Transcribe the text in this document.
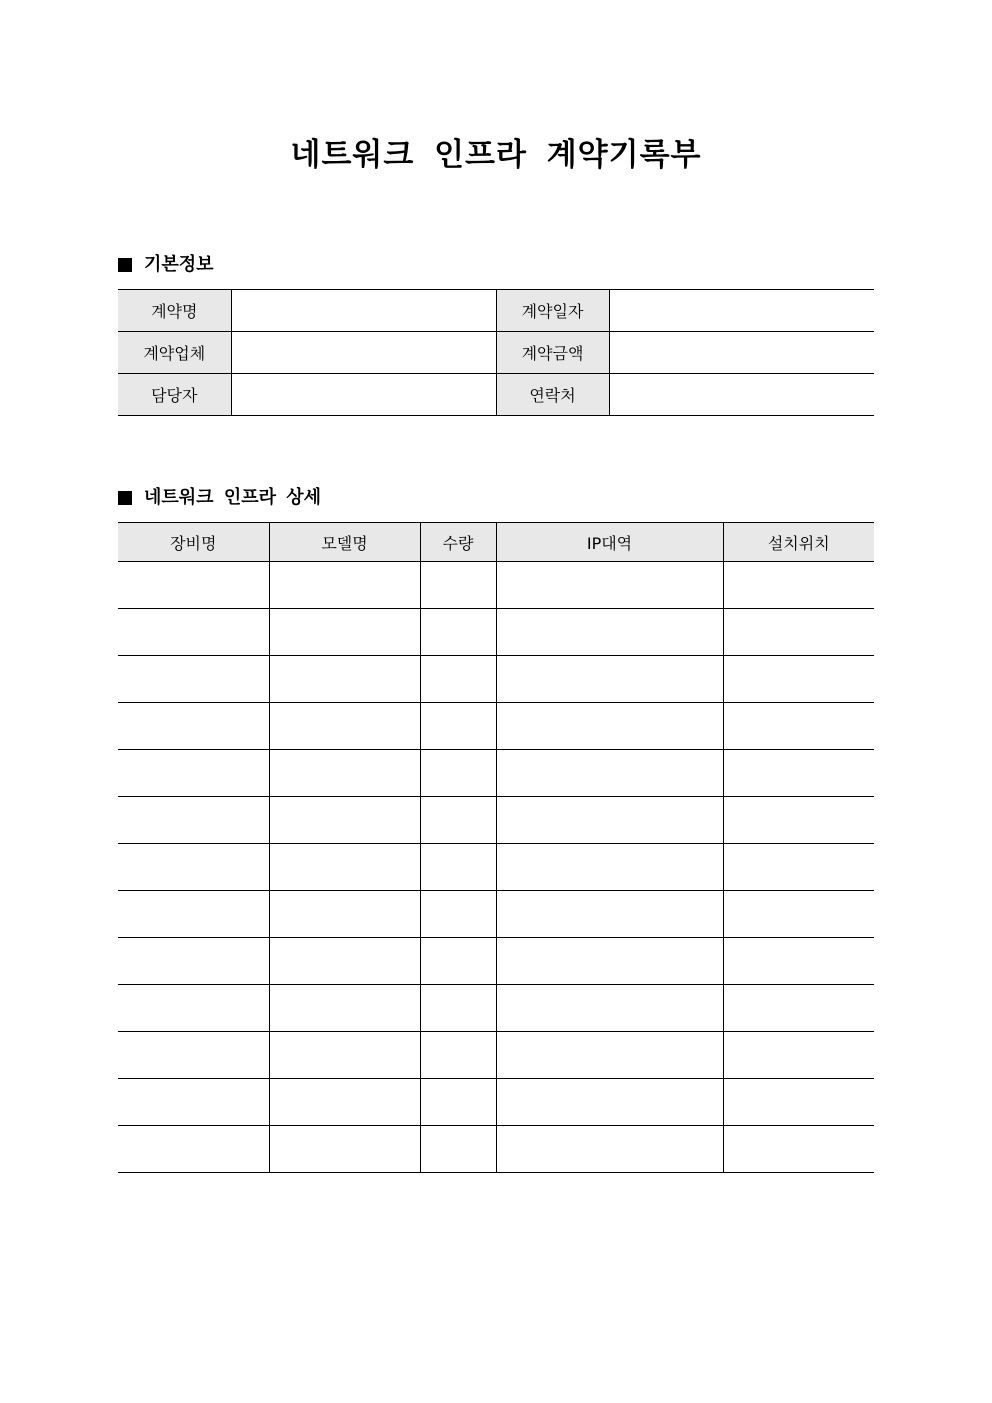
네트워크 인프라 계약기록부
기본정보
계약명		계약일자	
계약업체		계약금액	
담당자		연락처	
네트워크 인프라 상세
장비명	모델명	수량	IP대역	설치위치
